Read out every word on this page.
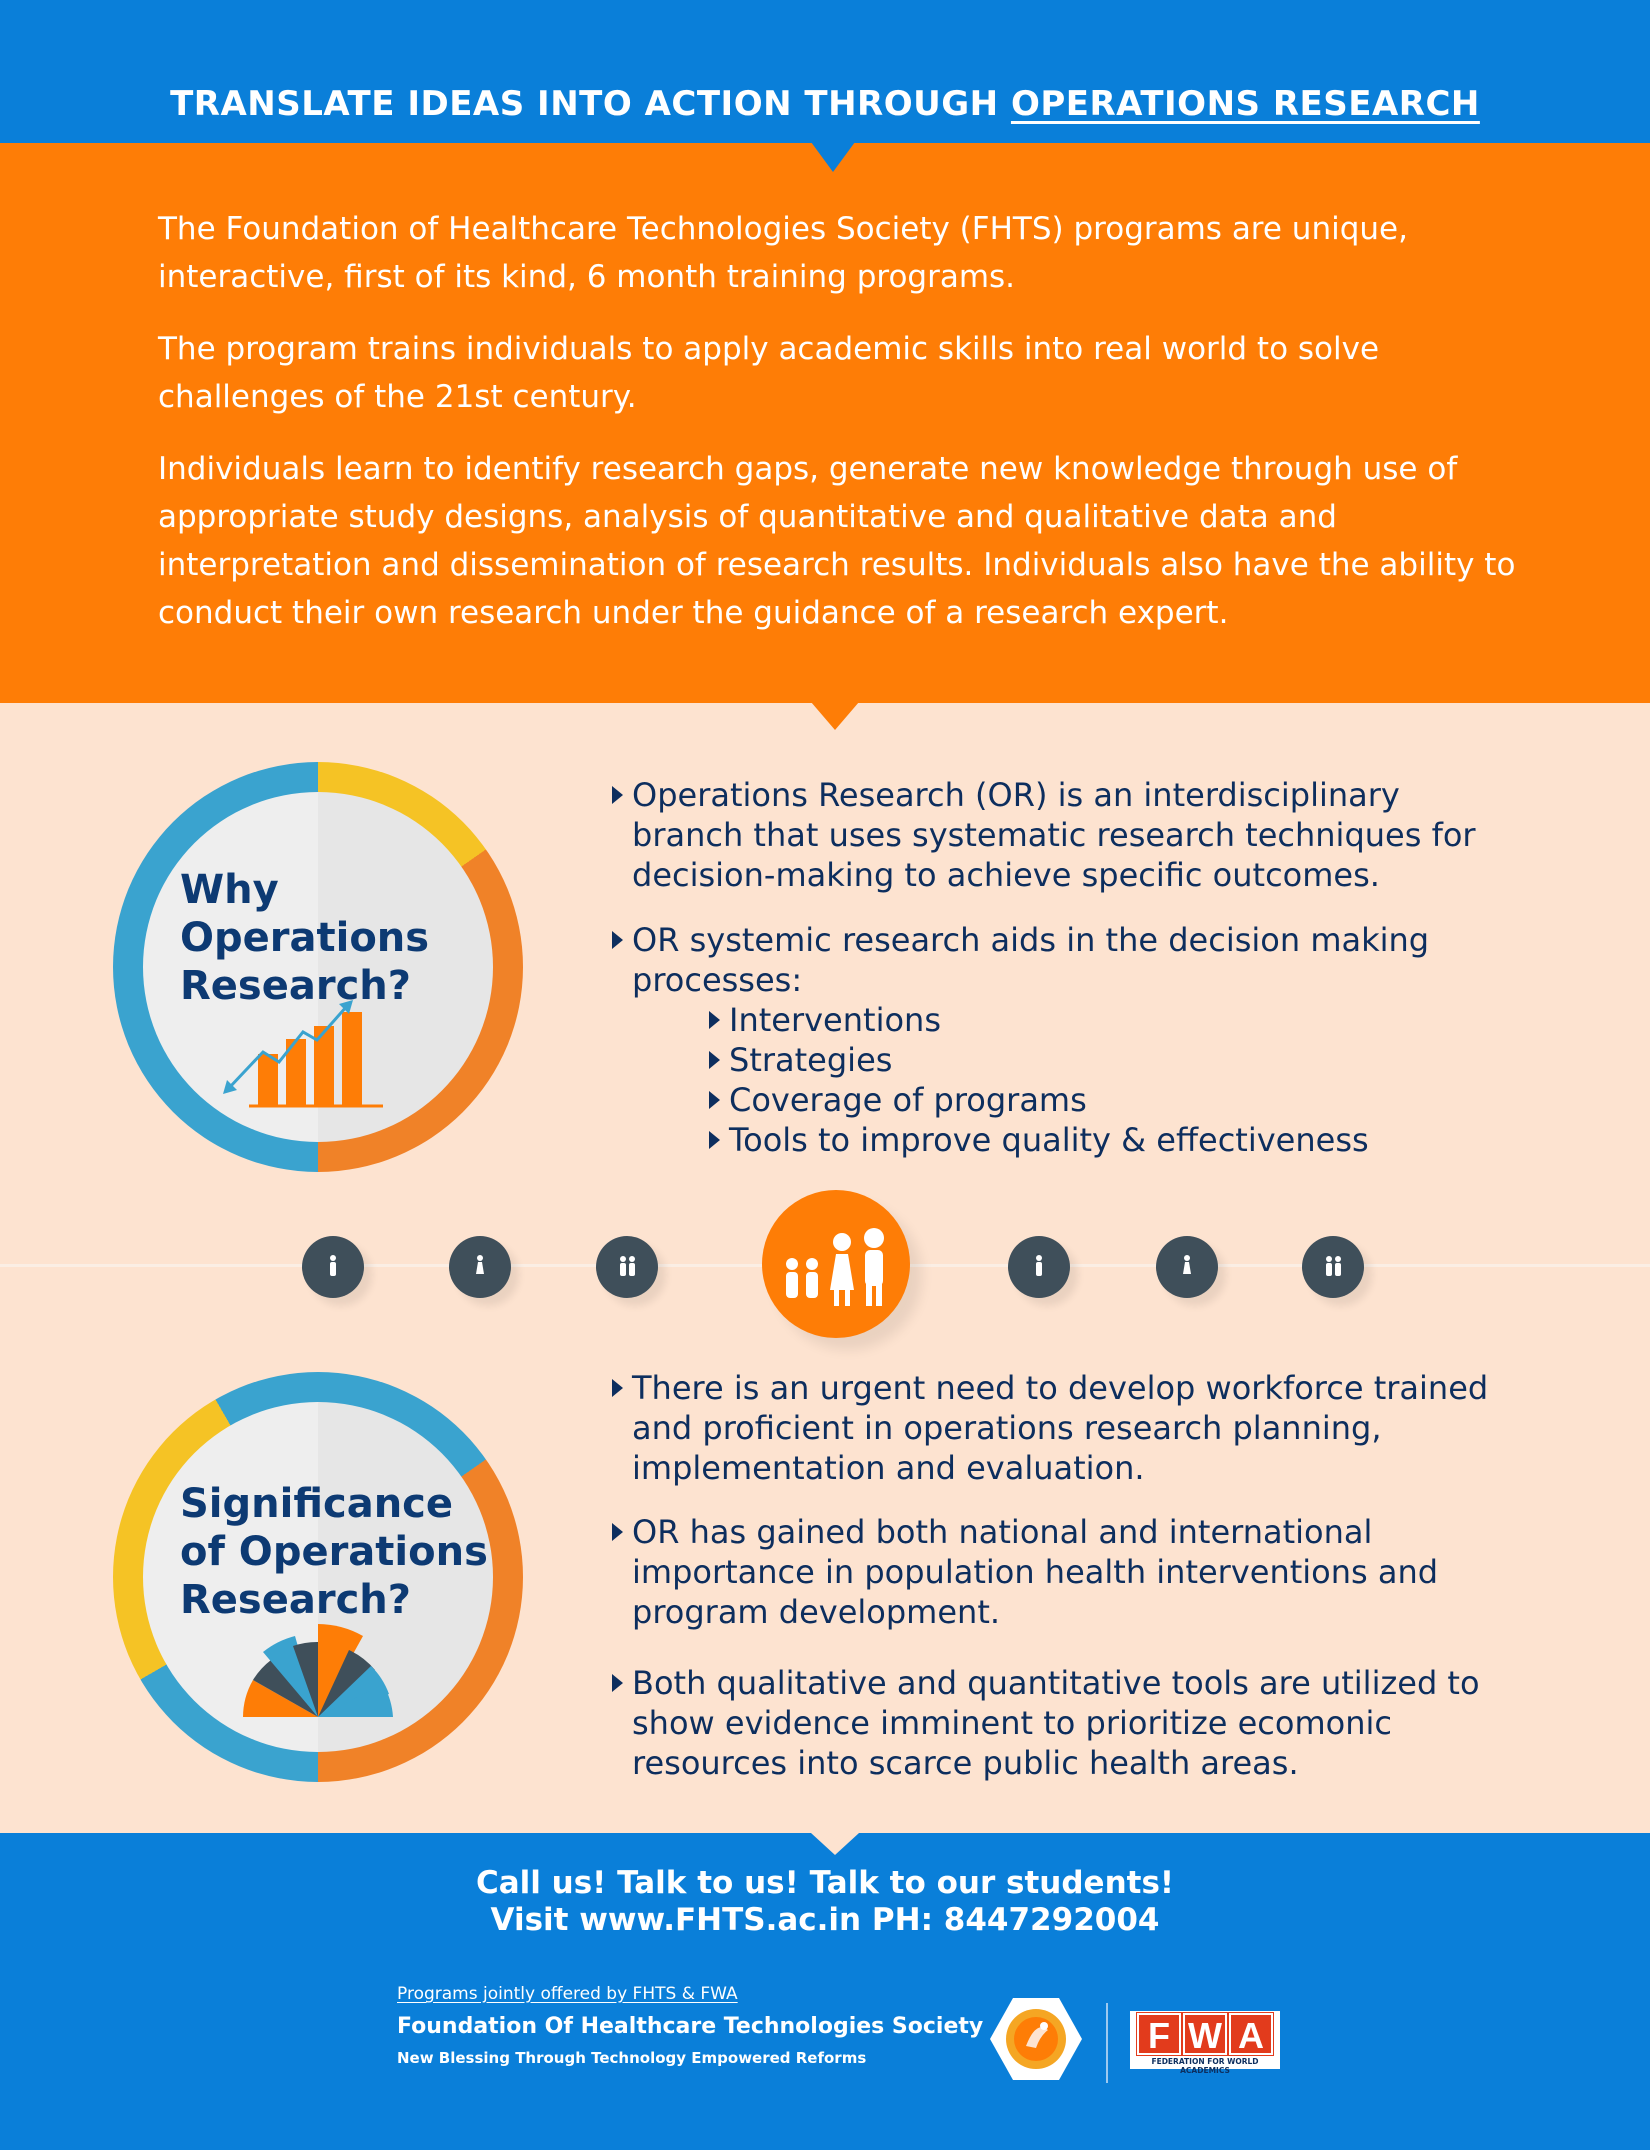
TRANSLATE IDEAS INTO ACTION THROUGH OPERATIONS RESEARCH

The Foundation of Healthcare Technologies Society (FHTS) programs are unique, interactive, first of its kind, 6 month training programs.

The program trains individuals to apply academic skills into real world to solve challenges of the 21st century.

Individuals learn to identify research gaps, generate new knowledge through use of appropriate study designs, analysis of quantitative and qualitative data and interpretation and dissemination of research results. Individuals also have the ability to conduct their own research under the guidance of a research expert.

Why
Operations
Research?
Operations Research (OR) is an interdisciplinary branch that uses systematic research techniques for decision-making to achieve specific outcomes.
OR systemic research aids in the decision making processes:
Interventions
Strategies
Coverage of programs
Tools to improve quality & effectiveness
Significance
of Operations
Research?
There is an urgent need to develop workforce trained and proficient in operations research planning, implementation and evaluation.
OR has gained both national and international importance in population health interventions and program development.
Both qualitative and quantitative tools are utilized to show evidence imminent to prioritize ecomonic resources into scarce public health areas.
Call us! Talk to us! Talk to our students!
Visit www.FHTS.ac.in PH: 8447292004
Programs jointly offered by FHTS & FWA
Foundation Of Healthcare Technologies Society
New Blessing Through Technology Empowered Reforms
F W A
FEDERATION FOR WORLD ACADEMICS
